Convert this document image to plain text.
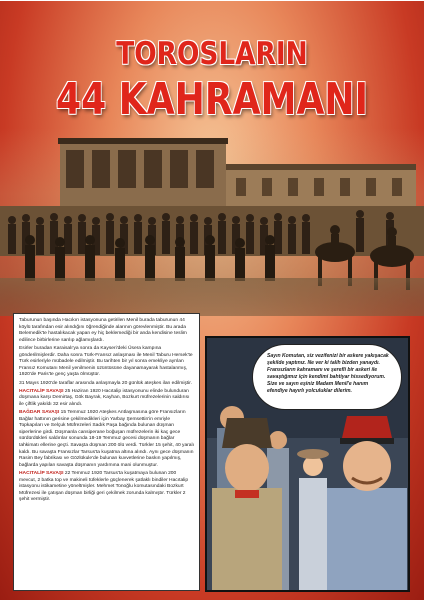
TOROSLARIN
44 KAHRAMANI

Taburunun başında Hacıkırı istasyonuna getirilen Menil burada taburunun 44 köylü tarafından esir alındığını öğrendiğinde alarının görevlenmiştir. Bu arada Belemedik'te hastalıkacak yapan ey hiç beklemediği bir anda kendisine teslim edilince birbirlerine sarılıp ağlamışlardı.

Esirler buradan Karaisalı'ya sonra da Kayseri'deki Üsera kampına gönderilmişlerdir. Daha sonra Türk-Fransız anlaşması ile Menil Taburu Hersek'te Türk esirleriyle mübadele edilmiştir. Bu tarihten bir yıl sonra emekliye ayrılan Fransız Komutanı Menil yenilmenin üzüntüsüne dayanamayarak hastalanmış, 1920'de Paris'te genç yaşta ölmüştür.

31 Mayıs 1920'de taraflar arasında anlaşmayla 20 günlük ateşkes ilan edilmiştir.

HACITALİP SAVAŞI 25 Haziran 1920 Hacıtalip istasyonunu elinde bulunduran düşmana karşı Demirtaş, Gök Bayrak, Kayhan, Bozkurt müfrezelerinin saldırısı ile çiftlik yakıldı 32 esir alındı.

BAĞDAR SAVAŞI 15 Temmuz 1920 Ateşkes Antlaşmasına göre Fransızların Bağlar hattının gerisine çekilmedikleri için Yarbay Şemsettin'in emriyle Topkapıları ve Selçuk Müfrezeleri Sadık Paşa bağında bulunan düşman siperlerine girdi. Düşmanla cansiperane boğuşan müfrezelerin iki kaç gece sürdürdükleri saldırılar sonunda 18-19 Temmuz gecesi düşmanın bağlar tahkimatı ellerine geçti. Savaşta düşman 200 ölü verdi. Türkler 15 şehit, 40 yaralı kaldı. Bu savaşta Fransızlar Tarsus'ta kuşatma altına alındı. Aynı gece düşmanın Rasim Bey fabrikası ve Gözlükule'de bulunan kuvvetlerine baskın yapılmış, bağlarda yapılan savaşta düşmanın yardımına mani olunmuştur.

HACITALİP SAVAŞI 22 Temmuz 1920 Tarsus'ta kuşatmaya bulunan 200 mevcut, 2 batka top ve makineli tüfeklerle güçlenerek şatlaklı bindiler Hacıtalip istasyonu istikametine yöneltmişler. Mehmet Tonoğlu komutasındaki Bozkurt Müfrezesi ile çatışan düşman birliği geri çekilmek zorunda kalmıştır. Türkler 2 şehit vermiştir.

Sayın Komutan, siz vezifenizi bir askere yakışacak şekilde yaptınız. Ne ver ki talih bizden yanaydı. Fransızların kahramanı ve şerefli bir askeri ile savaştığımız için kendimi bahtiyar hissediyorum. Size ve sayın eşiniz Madam Menil'e hanım efendiye hayırlı yolculuklar dilerim.
